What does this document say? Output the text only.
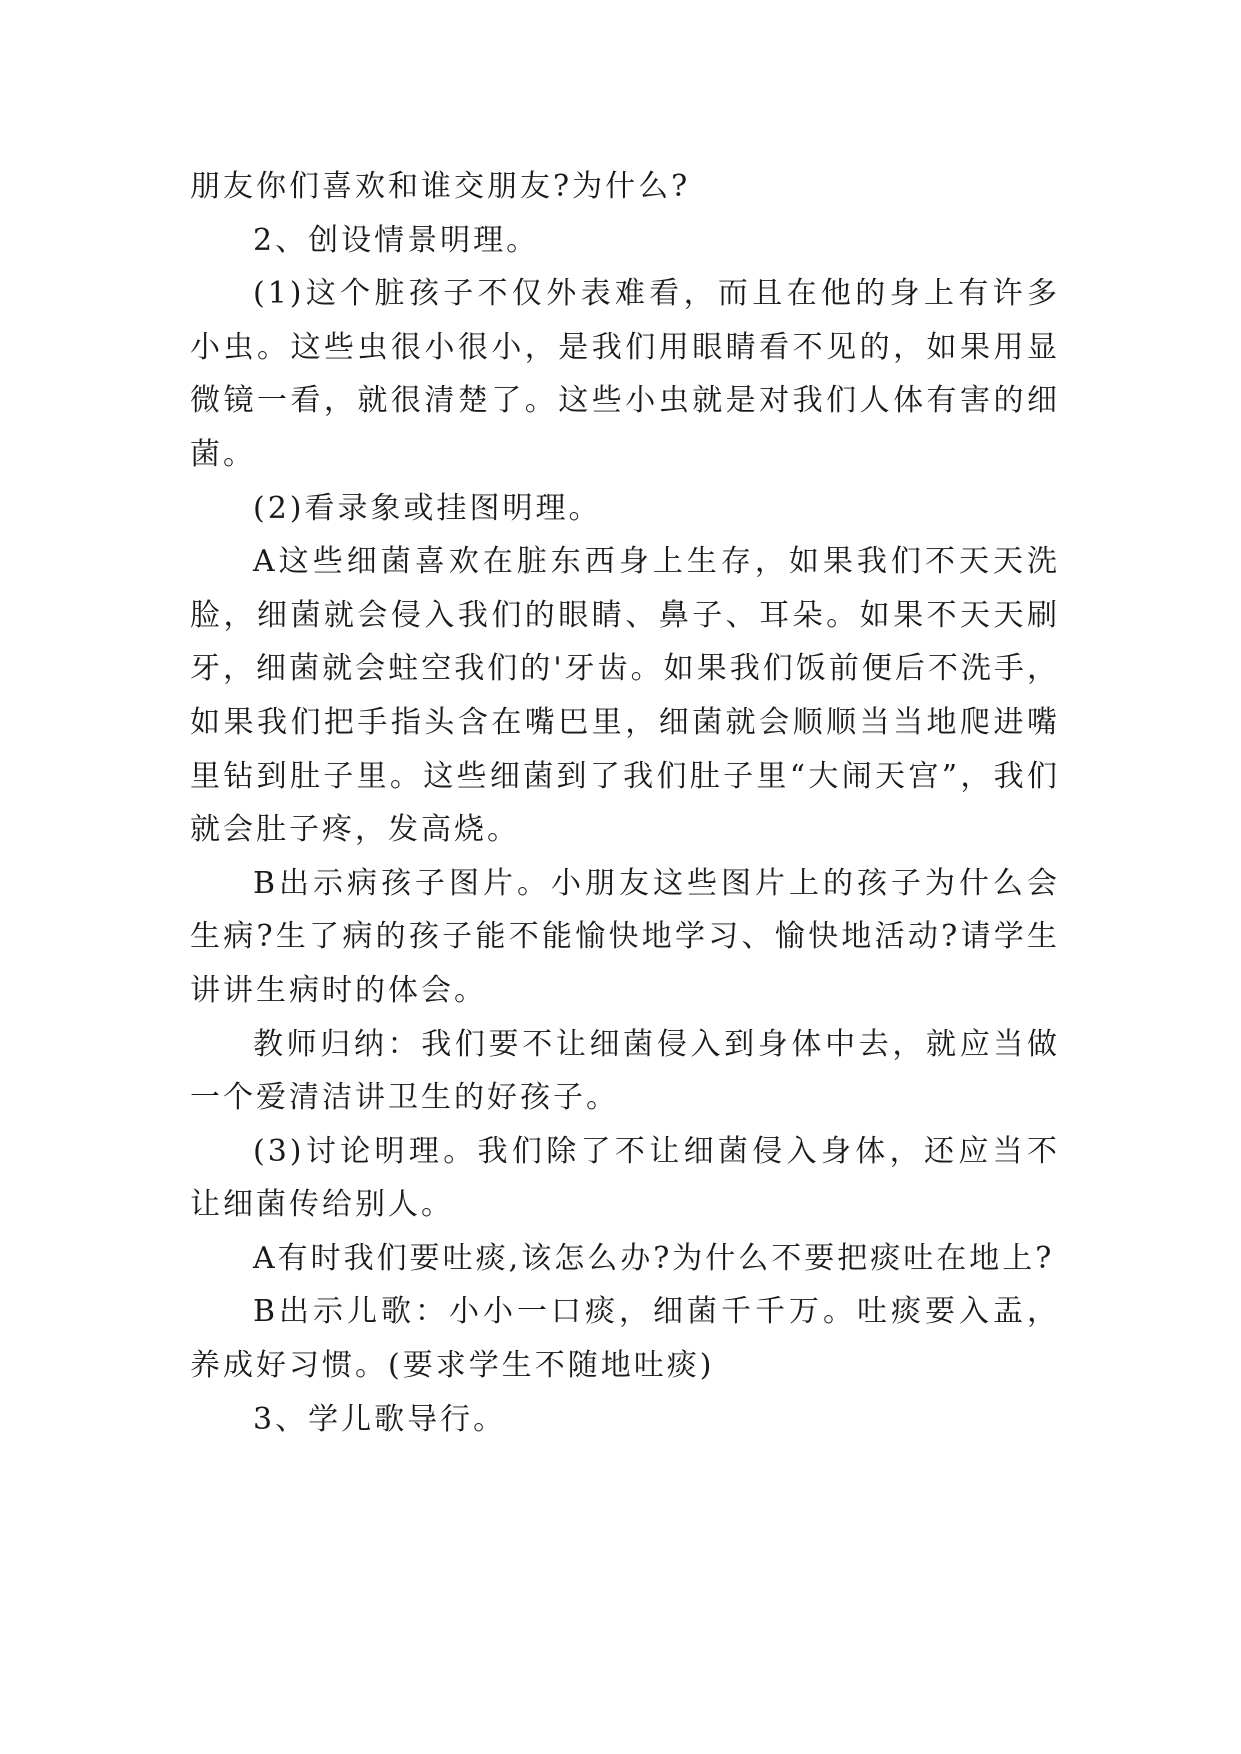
朋友你们喜欢和谁交朋友?为什么?

2、创设情景明理。

(1)这个脏孩子不仅外表难看，而且在他的身上有许多小虫。这些虫很小很小，是我们用眼睛看不见的，如果用显微镜一看，就很清楚了。这些小虫就是对我们人体有害的细菌。

(2)看录象或挂图明理。

A这些细菌喜欢在脏东西身上生存，如果我们不天天洗脸，细菌就会侵入我们的眼睛、鼻子、耳朵。如果不天天刷牙，细菌就会蛀空我们的'牙齿。如果我们饭前便后不洗手，如果我们把手指头含在嘴巴里，细菌就会顺顺当当地爬进嘴里钻到肚子里。这些细菌到了我们肚子里“大闹天宫”，我们就会肚子疼，发高烧。

B出示病孩子图片。小朋友这些图片上的孩子为什么会生病?生了病的孩子能不能愉快地学习、愉快地活动?请学生讲讲生病时的体会。

教师归纳：我们要不让细菌侵入到身体中去，就应当做一个爱清洁讲卫生的好孩子。

(3)讨论明理。我们除了不让细菌侵入身体，还应当不让细菌传给别人。

A有时我们要吐痰,该怎么办?为什么不要把痰吐在地上?

B出示儿歌：小小一口痰，细菌千千万。吐痰要入盂，养成好习惯。(要求学生不随地吐痰)

3、学儿歌导行。
